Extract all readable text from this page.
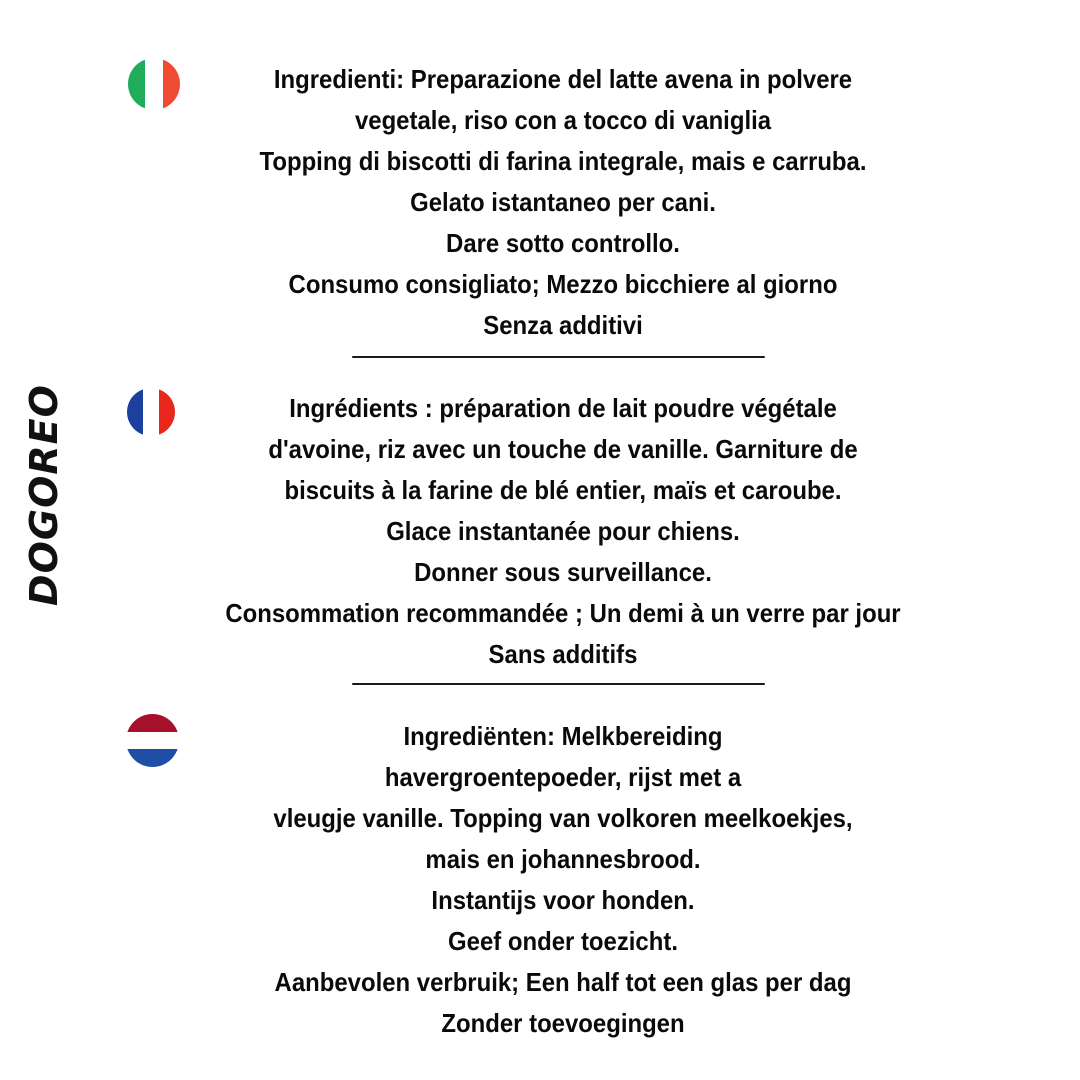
DOGOREO
Ingredienti: Preparazione del latte avena in polvere
vegetale, riso con a tocco di vaniglia
Topping di biscotti di farina integrale, mais e carruba.
Gelato istantaneo per cani.
Dare sotto controllo.
Consumo consigliato; Mezzo bicchiere al giorno
Senza additivi
Ingrédients : préparation de lait poudre végétale
d'avoine, riz avec un touche de vanille. Garniture de
biscuits à la farine de blé entier, maïs et caroube.
Glace instantanée pour chiens.
Donner sous surveillance.
Consommation recommandée ; Un demi à un verre par jour
Sans additifs
Ingrediënten: Melkbereiding
havergroentepoeder, rijst met a
vleugje vanille. Topping van volkoren meelkoekjes,
mais en johannesbrood.
Instantijs voor honden.
Geef onder toezicht.
Aanbevolen verbruik; Een half tot een glas per dag
Zonder toevoegingen
